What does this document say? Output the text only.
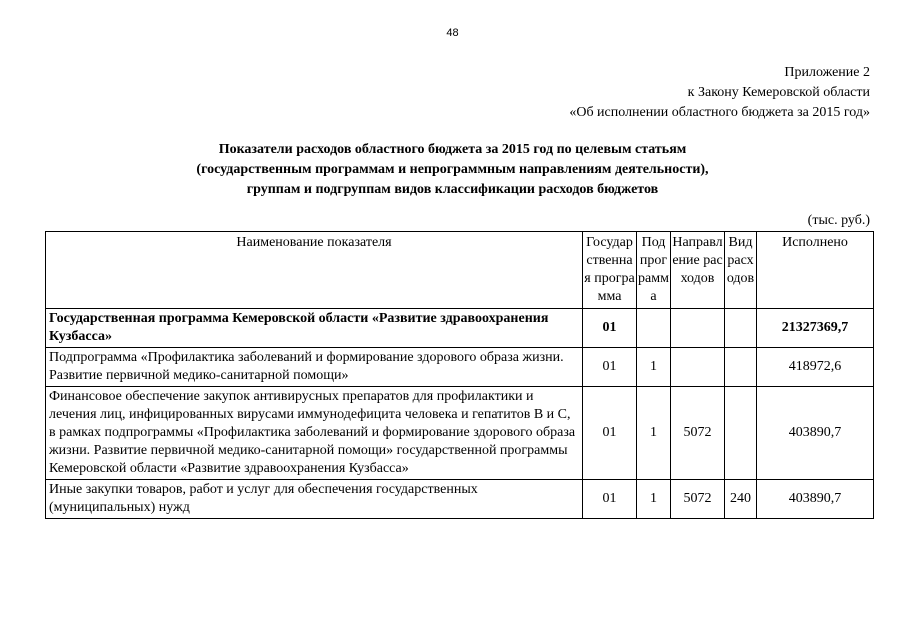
48
Приложение 2
к Закону Кемеровской области
«Об исполнении областного бюджета за 2015 год»
Показатели расходов областного бюджета за 2015 год по целевым статьям
(государственным программам и непрограммным направлениям деятельности),
группам и подгруппам видов классификации расходов бюджетов
(тыс. руб.)
Наименование показателя	Государственная программа	Подпрограмма	Направление расходов	Вид расходов	Исполнено
Государственная программа Кемеровской области «Развитие здравоохранения Кузбасса»	01				21327369,7
Подпрограмма «Профилактика заболеваний и формирование здорового образа жизни. Развитие первичной медико-санитарной помощи»	01	1			418972,6
Финансовое обеспечение закупок антивирусных препаратов для профилактики и лечения лиц, инфицированных вирусами иммунодефицита человека и гепатитов В и С, в рамках подпрограммы «Профилактика заболеваний и формирование здорового образа жизни. Развитие первичной медико-санитарной помощи» государственной программы Кемеровской области «Развитие здравоохранения Кузбасса»	01	1	5072		403890,7
Иные закупки товаров, работ и услуг для обеспечения государственных (муниципальных) нужд	01	1	5072	240	403890,7
